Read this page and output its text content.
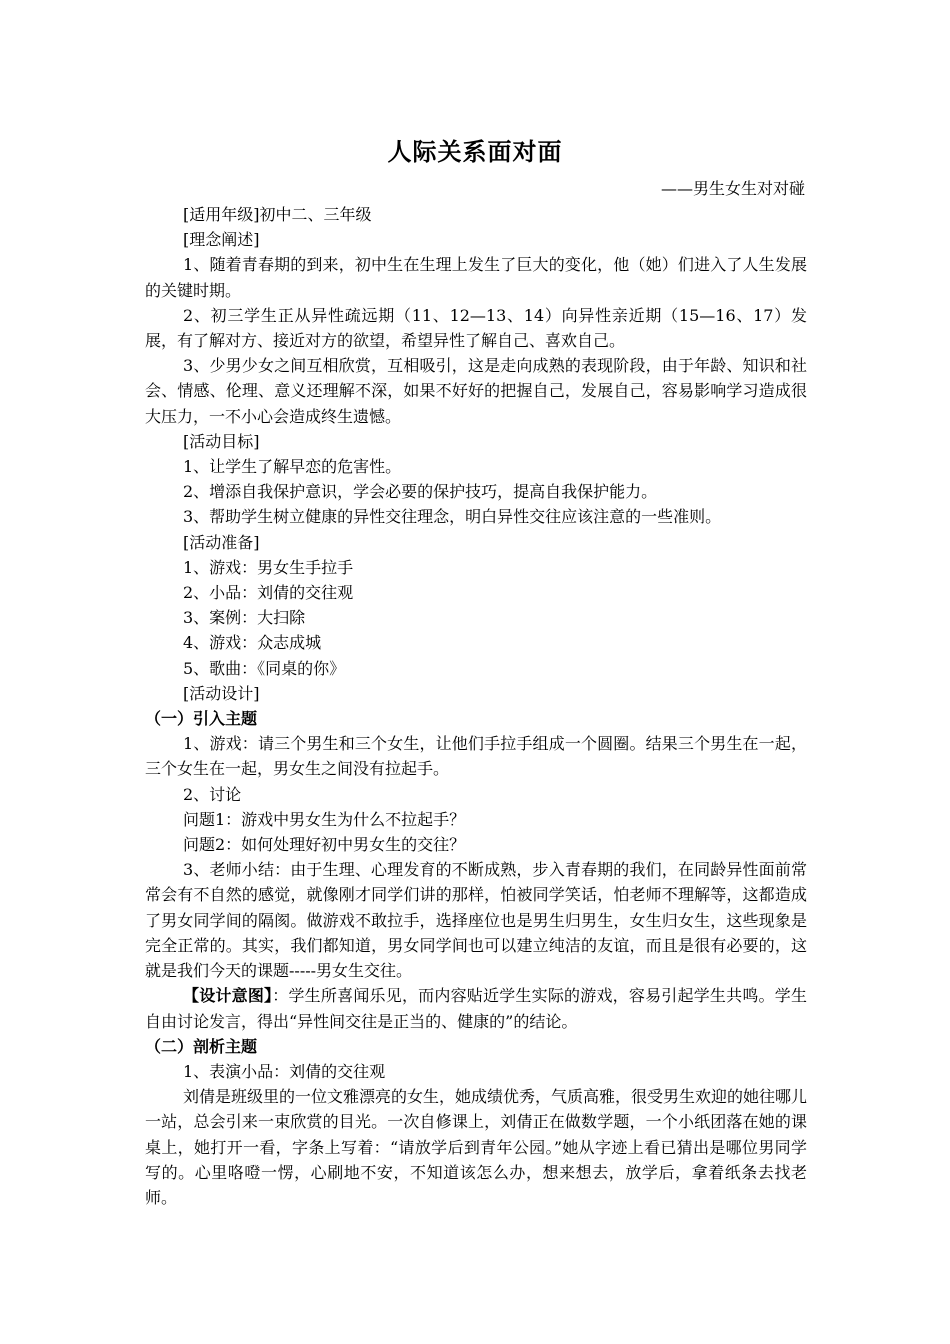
人际关系面对面
——男生女生对对碰

[适用年级]初中二、三年级

[理念阐述]

1、随着青春期的到来，初中生在生理上发生了巨大的变化，他（她）们进入了人生发展的关键时期。

2、初三学生正从异性疏远期（11、12—13、14）向异性亲近期（15—16、17）发展，有了解对方、接近对方的欲望，希望异性了解自己、喜欢自己。

3、少男少女之间互相欣赏，互相吸引，这是走向成熟的表现阶段，由于年龄、知识和社会、情感、伦理、意义还理解不深，如果不好好的把握自己，发展自己，容易影响学习造成很大压力，一不小心会造成终生遗憾。

[活动目标]

1、让学生了解早恋的危害性。

2、增添自我保护意识，学会必要的保护技巧，提高自我保护能力。

3、帮助学生树立健康的异性交往理念，明白异性交往应该注意的一些准则。

[活动准备]

1、游戏：男女生手拉手

2、小品：刘倩的交往观

3、案例：大扫除

4、游戏：众志成城

5、歌曲：《同桌的你》

[活动设计]

（一）引入主题

1、游戏：请三个男生和三个女生，让他们手拉手组成一个圆圈。结果三个男生在一起，三个女生在一起，男女生之间没有拉起手。

2、讨论

问题1：游戏中男女生为什么不拉起手？

问题2：如何处理好初中男女生的交往？

3、老师小结：由于生理、心理发育的不断成熟，步入青春期的我们，在同龄异性面前常常会有不自然的感觉，就像刚才同学们讲的那样，怕被同学笑话，怕老师不理解等，这都造成了男女同学间的隔阂。做游戏不敢拉手，选择座位也是男生归男生，女生归女生，这些现象是完全正常的。其实，我们都知道，男女同学间也可以建立纯洁的友谊，而且是很有必要的，这就是我们今天的课题-----男女生交往。

【设计意图】：学生所喜闻乐见，而内容贴近学生实际的游戏，容易引起学生共鸣。学生自由讨论发言，得出“异性间交往是正当的、健康的”的结论。

（二）剖析主题

1、表演小品：刘倩的交往观

刘倩是班级里的一位文雅漂亮的女生，她成绩优秀，气质高雅，很受男生欢迎的她往哪儿一站，总会引来一束欣赏的目光。一次自修课上，刘倩正在做数学题，一个小纸团落在她的课桌上，她打开一看，字条上写着：“请放学后到青年公园。”她从字迹上看已猜出是哪位男同学写的。心里咯噔一愣，心刷地不安，不知道该怎么办，想来想去，放学后，拿着纸条去找老师。
